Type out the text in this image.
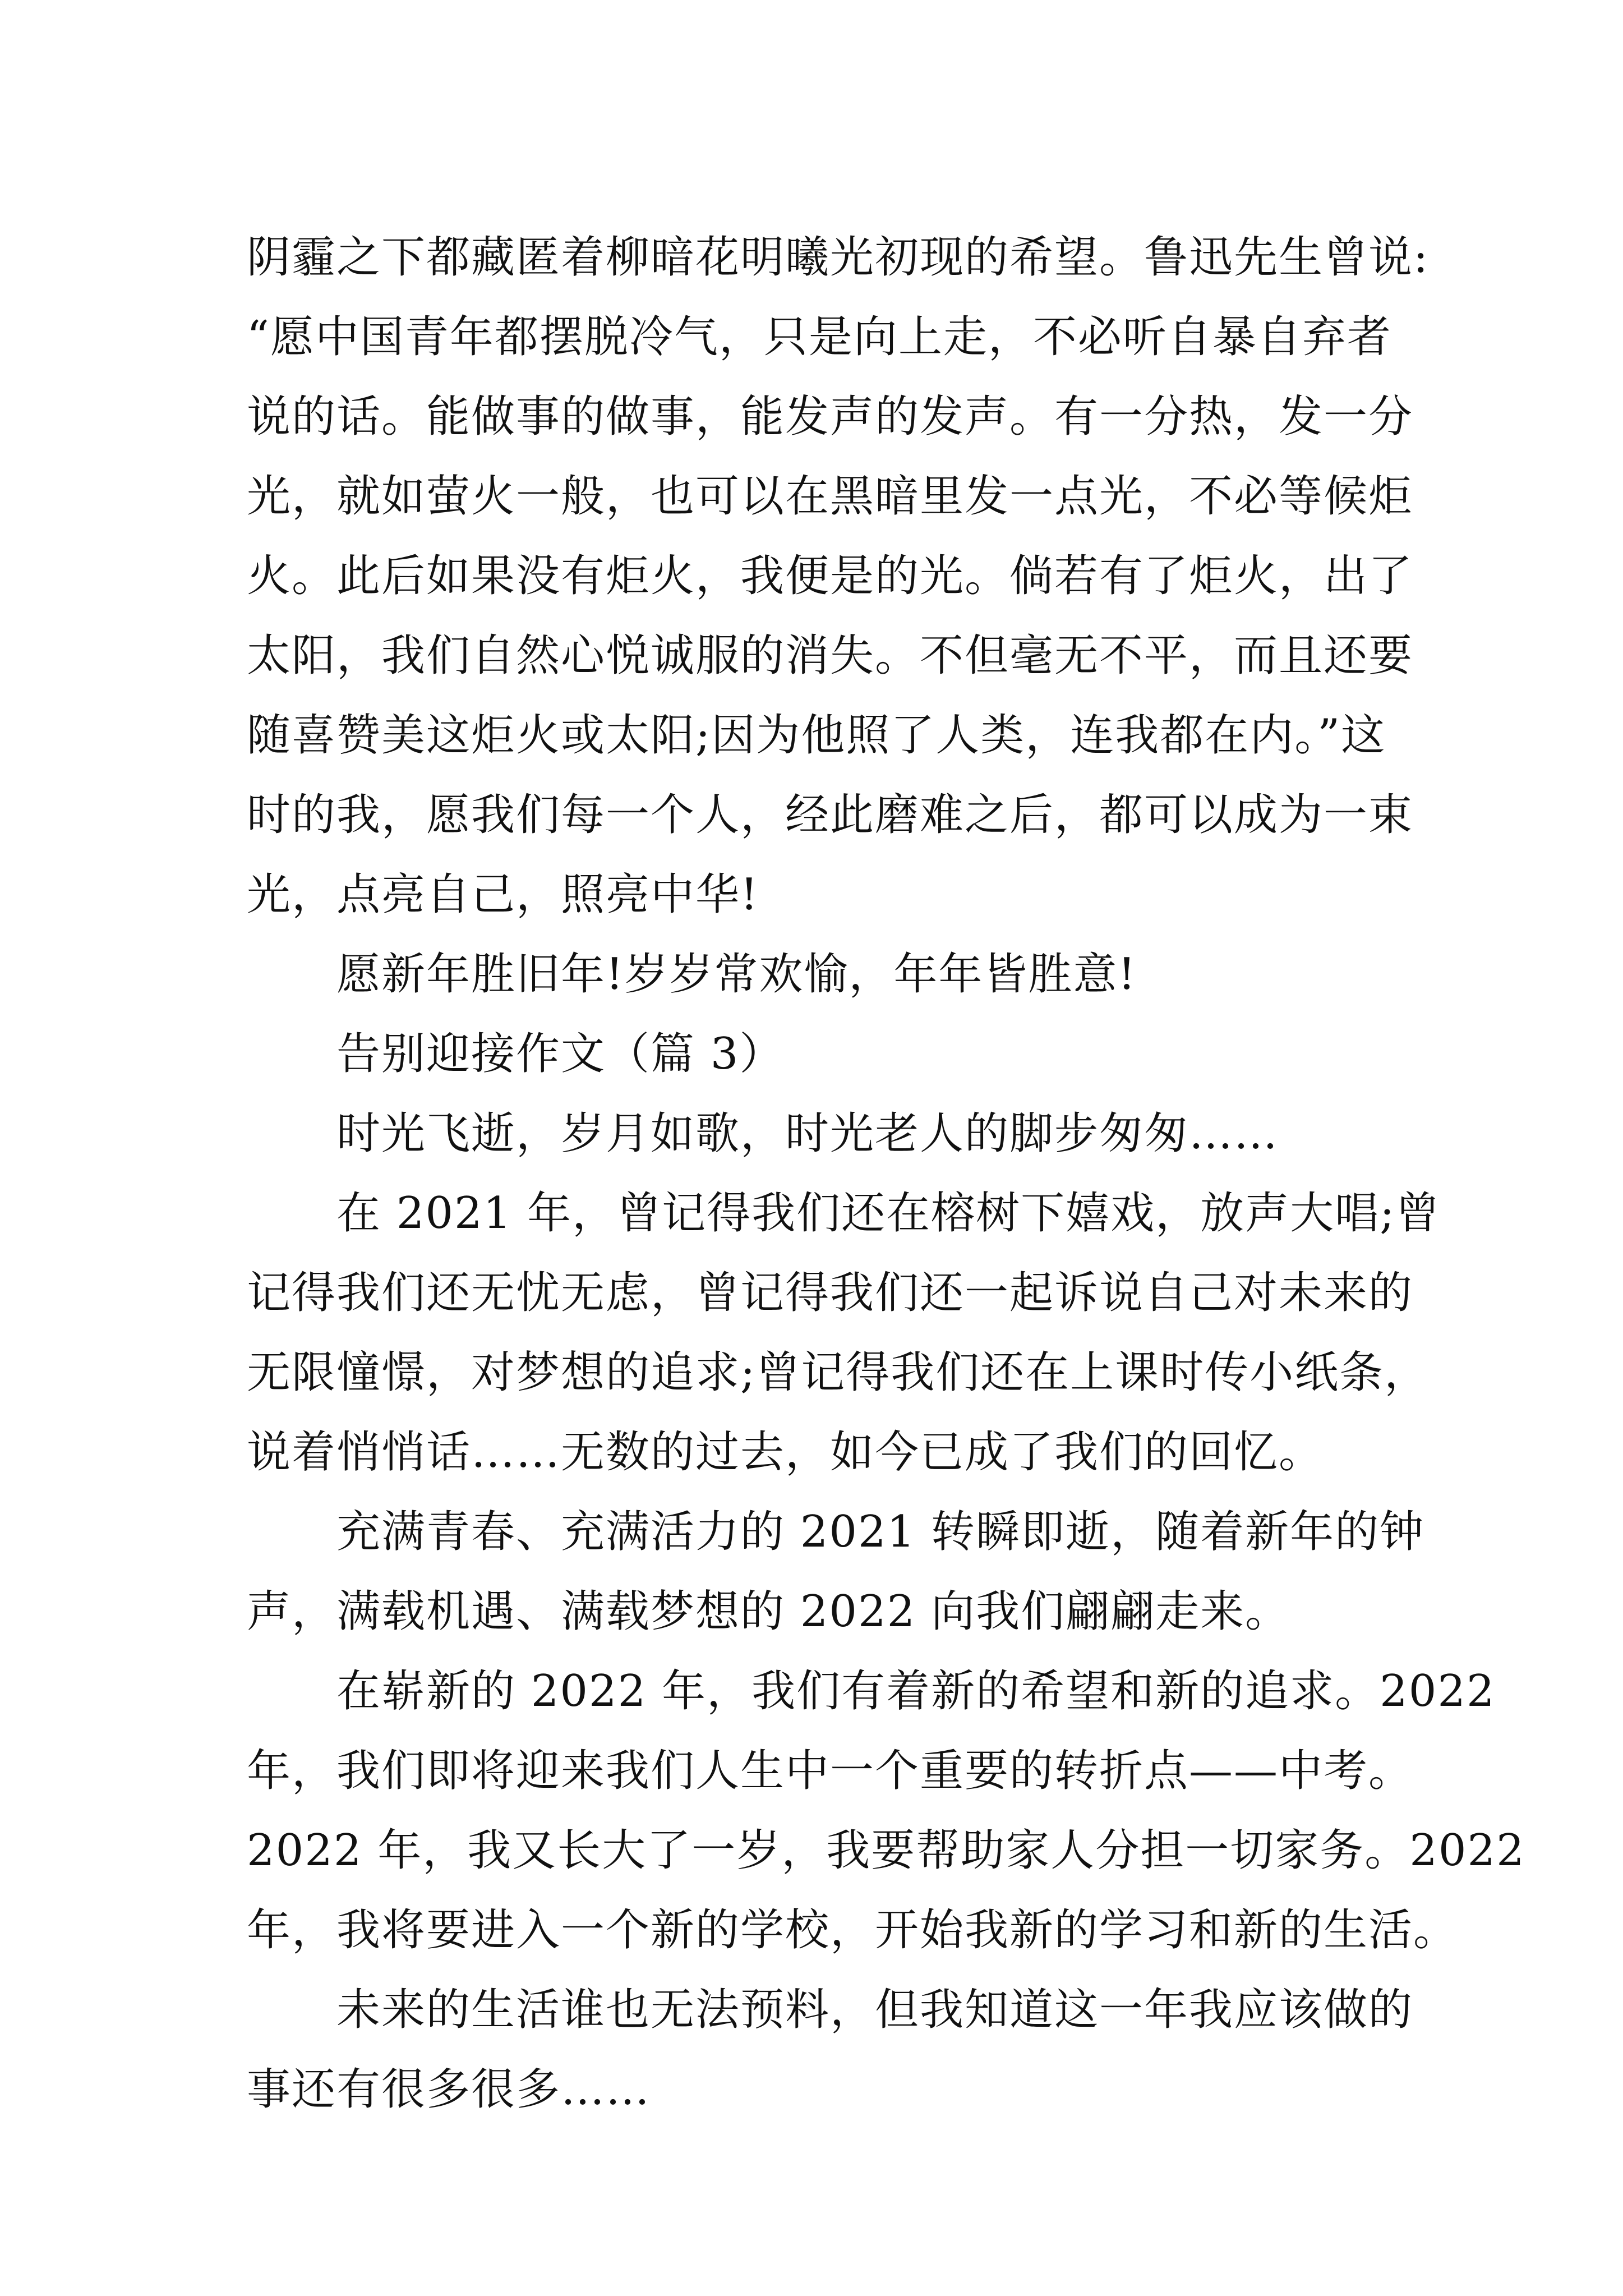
阴霾之下都藏匿着柳暗花明曦光初现的希望。鲁迅先生曾说:
“愿中国青年都摆脱冷气，只是向上走，不必听自暴自弃者
说的话。能做事的做事，能发声的发声。有一分热，发一分
光，就如萤火一般，也可以在黑暗里发一点光，不必等候炬
火。此后如果没有炬火，我便是的光。倘若有了炬火，出了
太阳，我们自然心悦诚服的消失。不但毫无不平，而且还要
随喜赞美这炬火或太阳;因为他照了人类，连我都在内。”这
时的我，愿我们每一个人，经此磨难之后，都可以成为一束
光，点亮自己，照亮中华!
愿新年胜旧年!岁岁常欢愉，年年皆胜意!
告别迎接作文（篇 3）
时光飞逝，岁月如歌，时光老人的脚步匆匆……
在 2021 年，曾记得我们还在榕树下嬉戏，放声大唱;曾
记得我们还无忧无虑，曾记得我们还一起诉说自己对未来的
无限憧憬，对梦想的追求;曾记得我们还在上课时传小纸条，
说着悄悄话……无数的过去，如今已成了我们的回忆。
充满青春、充满活力的 2021 转瞬即逝，随着新年的钟
声，满载机遇、满载梦想的 2022 向我们翩翩走来。
在崭新的 2022 年，我们有着新的希望和新的追求。2022
年，我们即将迎来我们人生中一个重要的转折点——中考。
2022 年，我又长大了一岁，我要帮助家人分担一切家务。2022
年，我将要进入一个新的学校，开始我新的学习和新的生活。
未来的生活谁也无法预料，但我知道这一年我应该做的
事还有很多很多……
